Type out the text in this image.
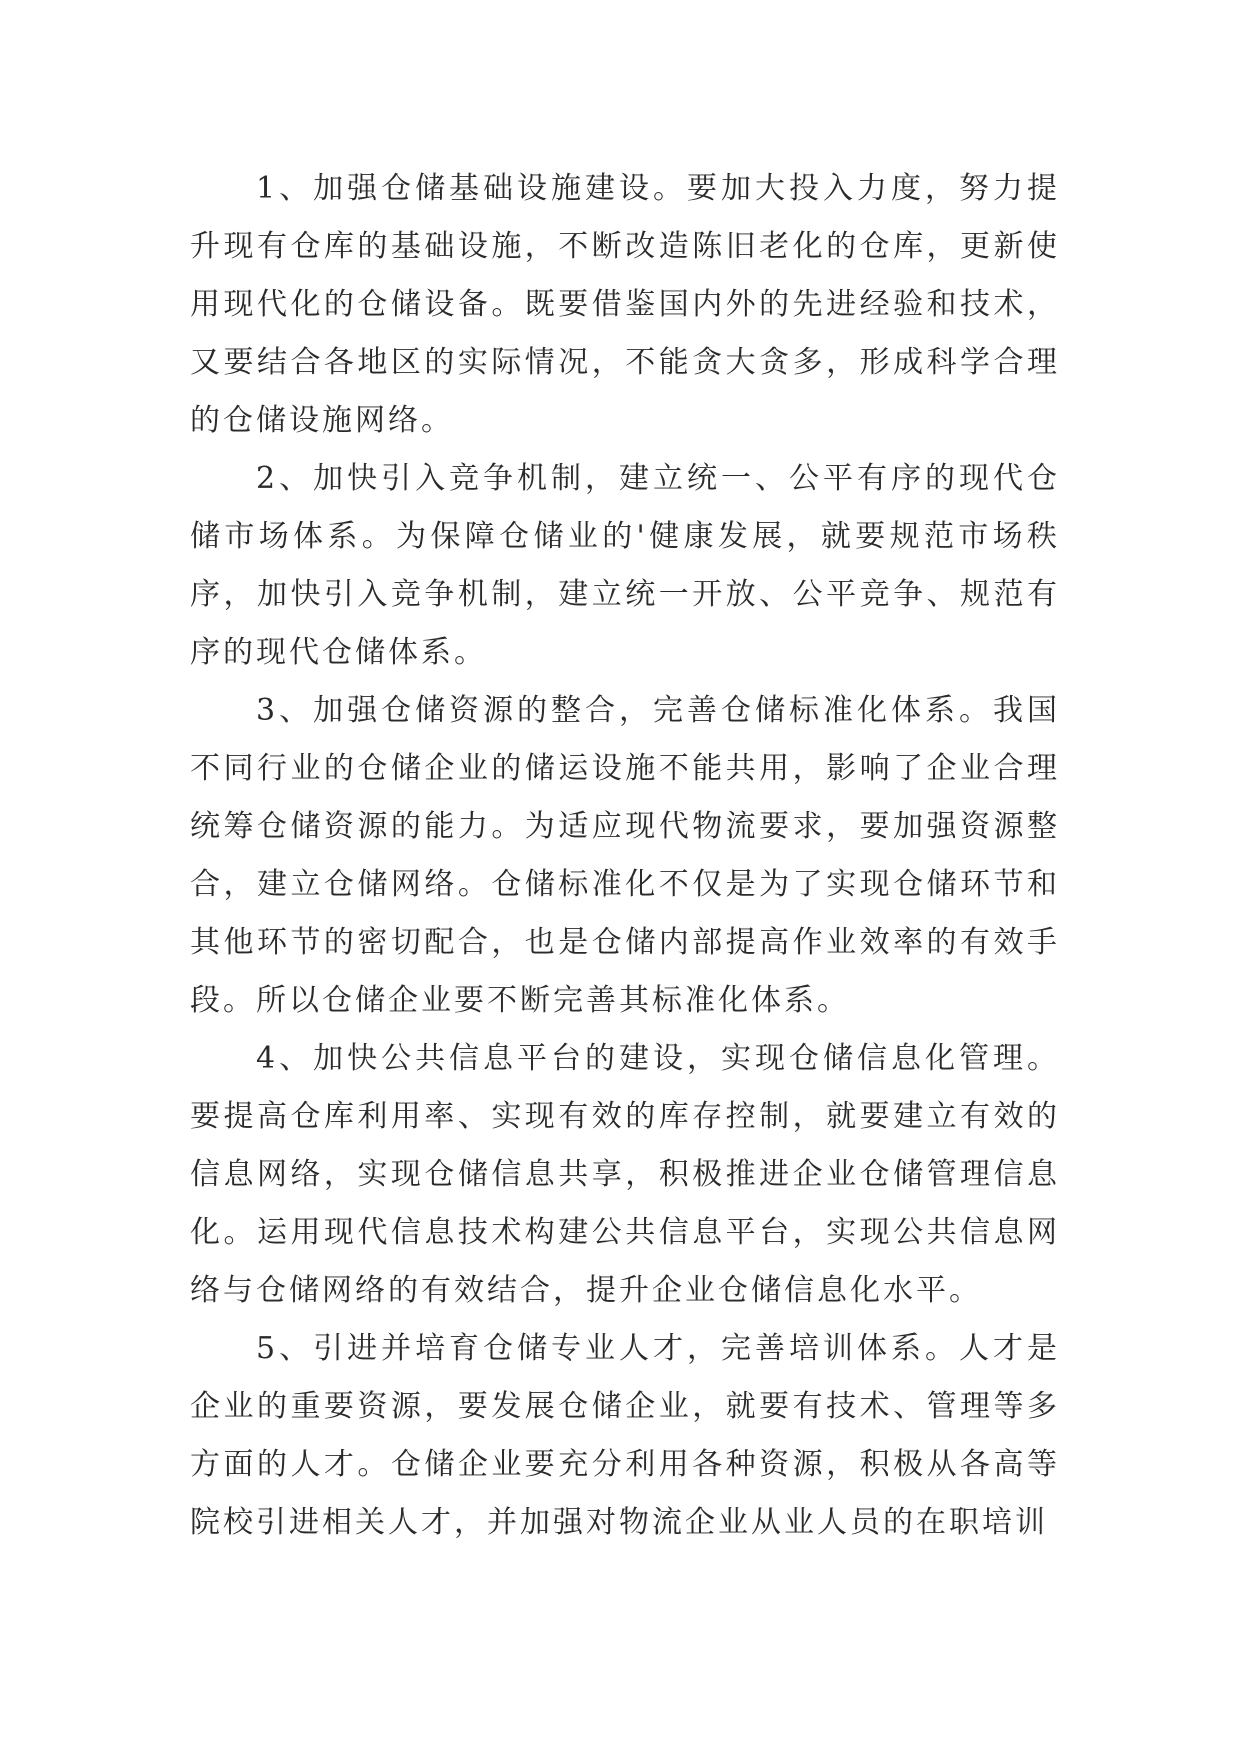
1、加强仓储基础设施建设。要加大投入力度，努力提升现有仓库的基础设施，不断改造陈旧老化的仓库，更新使用现代化的仓储设备。既要借鉴国内外的先进经验和技术，又要结合各地区的实际情况，不能贪大贪多，形成科学合理的仓储设施网络。

2、加快引入竞争机制，建立统一、公平有序的现代仓储市场体系。为保障仓储业的'健康发展，就要规范市场秩序，加快引入竞争机制，建立统一开放、公平竞争、规范有序的现代仓储体系。

3、加强仓储资源的整合，完善仓储标准化体系。我国不同行业的仓储企业的储运设施不能共用，影响了企业合理统筹仓储资源的能力。为适应现代物流要求，要加强资源整合，建立仓储网络。仓储标准化不仅是为了实现仓储环节和其他环节的密切配合，也是仓储内部提高作业效率的有效手段。所以仓储企业要不断完善其标准化体系。

4、加快公共信息平台的建设，实现仓储信息化管理。要提高仓库利用率、实现有效的库存控制，就要建立有效的信息网络，实现仓储信息共享，积极推进企业仓储管理信息化。运用现代信息技术构建公共信息平台，实现公共信息网络与仓储网络的有效结合，提升企业仓储信息化水平。

5、引进并培育仓储专业人才，完善培训体系。人才是企业的重要资源，要发展仓储企业，就要有技术、管理等多方面的人才。仓储企业要充分利用各种资源，积极从各高等院校引进相关人才，并加强对物流企业从业人员的在职培训
